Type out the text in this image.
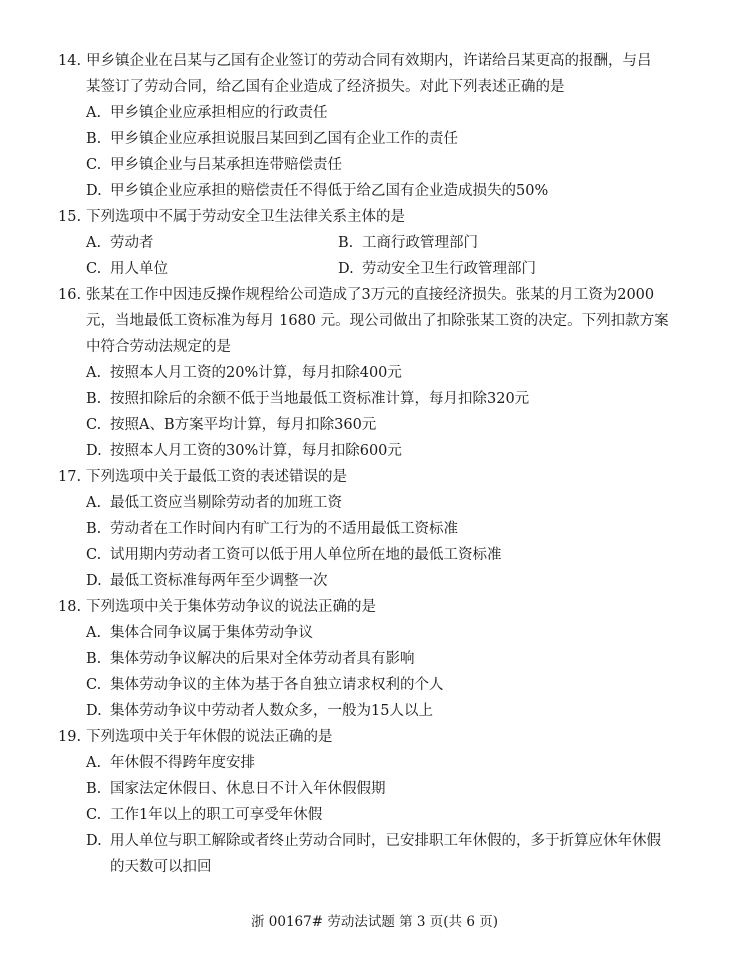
14. 甲乡镇企业在吕某与乙国有企业签订的劳动合同有效期内，许诺给吕某更高的报酬，与吕
某签订了劳动合同，给乙国有企业造成了经济损失。对此下列表述正确的是
A. 甲乡镇企业应承担相应的行政责任
B. 甲乡镇企业应承担说服吕某回到乙国有企业工作的责任
C. 甲乡镇企业与吕某承担连带赔偿责任
D. 甲乡镇企业应承担的赔偿责任不得低于给乙国有企业造成损失的50%
15. 下列选项中不属于劳动安全卫生法律关系主体的是
A. 劳动者	B. 工商行政管理部门
C. 用人单位	D. 劳动安全卫生行政管理部门
16. 张某在工作中因违反操作规程给公司造成了3万元的直接经济损失。张某的月工资为2000
元，当地最低工资标准为每月 1680 元。现公司做出了扣除张某工资的决定。下列扣款方案
中符合劳动法规定的是
A. 按照本人月工资的20%计算，每月扣除400元
B. 按照扣除后的余额不低于当地最低工资标准计算，每月扣除320元
C. 按照A、B方案平均计算，每月扣除360元
D. 按照本人月工资的30%计算，每月扣除600元
17. 下列选项中关于最低工资的表述错误的是
A. 最低工资应当剔除劳动者的加班工资
B. 劳动者在工作时间内有旷工行为的不适用最低工资标准
C. 试用期内劳动者工资可以低于用人单位所在地的最低工资标准
D. 最低工资标准每两年至少调整一次
18. 下列选项中关于集体劳动争议的说法正确的是
A. 集体合同争议属于集体劳动争议
B. 集体劳动争议解决的后果对全体劳动者具有影响
C. 集体劳动争议的主体为基于各自独立请求权利的个人
D. 集体劳动争议中劳动者人数众多，一般为15人以上
19. 下列选项中关于年休假的说法正确的是
A. 年休假不得跨年度安排
B. 国家法定休假日、休息日不计入年休假假期
C. 工作1年以上的职工可享受年休假
D. 用人单位与职工解除或者终止劳动合同时，已安排职工年休假的，多于折算应休年休假
的天数可以扣回
浙 00167# 劳动法试题 第 3 页(共 6 页)
